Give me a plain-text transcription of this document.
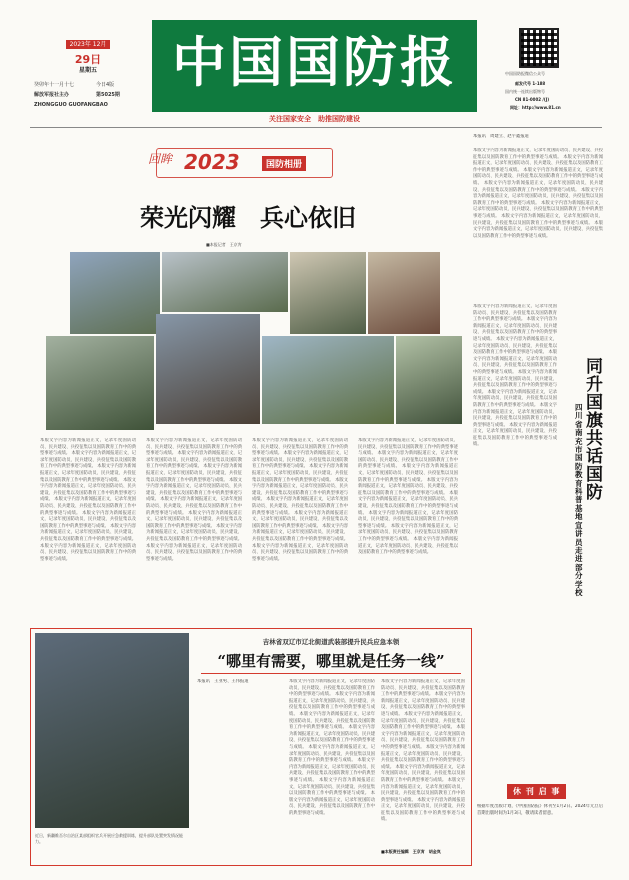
2023年 12月
29日
星期五
癸卯年十一月十七	今日4版
解放军报社主办	第5025期
ZHONGGUO GUOFANGBAO
中国国防报
关注国家安全　助推国防建设
中国国防报微信公众号
邮发代号 1-188
国内统一连续出版物号
CN 81-0002 /(J)
网址：http://www.81.cn
回眸 2023	国防相册
荣光闪耀　兵心依旧
■本报记者　王京宵
本版文字内容为新闻报道正文，记录年度国防动员、民兵建设、兵役征集以及国防教育工作中的典型事迹与成绩。 本版文字内容为新闻报道正文，记录年度国防动员、民兵建设、兵役征集以及国防教育工作中的典型事迹与成绩。 本版文字内容为新闻报道正文，记录年度国防动员、民兵建设、兵役征集以及国防教育工作中的典型事迹与成绩。 本版文字内容为新闻报道正文，记录年度国防动员、民兵建设、兵役征集以及国防教育工作中的典型事迹与成绩。 本版文字内容为新闻报道正文，记录年度国防动员、民兵建设、兵役征集以及国防教育工作中的典型事迹与成绩。 本版文字内容为新闻报道正文，记录年度国防动员、民兵建设、兵役征集以及国防教育工作中的典型事迹与成绩。 本版文字内容为新闻报道正文，记录年度国防动员、民兵建设、兵役征集以及国防教育工作中的典型事迹与成绩。 本版文字内容为新闻报道正文，记录年度国防动员、民兵建设、兵役征集以及国防教育工作中的典型事迹与成绩。
本版文字内容为新闻报道正文，记录年度国防动员、民兵建设、兵役征集以及国防教育工作中的典型事迹与成绩。 本版文字内容为新闻报道正文，记录年度国防动员、民兵建设、兵役征集以及国防教育工作中的典型事迹与成绩。 本版文字内容为新闻报道正文，记录年度国防动员、民兵建设、兵役征集以及国防教育工作中的典型事迹与成绩。 本版文字内容为新闻报道正文，记录年度国防动员、民兵建设、兵役征集以及国防教育工作中的典型事迹与成绩。 本版文字内容为新闻报道正文，记录年度国防动员、民兵建设、兵役征集以及国防教育工作中的典型事迹与成绩。 本版文字内容为新闻报道正文，记录年度国防动员、民兵建设、兵役征集以及国防教育工作中的典型事迹与成绩。 本版文字内容为新闻报道正文，记录年度国防动员、民兵建设、兵役征集以及国防教育工作中的典型事迹与成绩。 本版文字内容为新闻报道正文，记录年度国防动员、民兵建设、兵役征集以及国防教育工作中的典型事迹与成绩。
本版文字内容为新闻报道正文，记录年度国防动员、民兵建设、兵役征集以及国防教育工作中的典型事迹与成绩。 本版文字内容为新闻报道正文，记录年度国防动员、民兵建设、兵役征集以及国防教育工作中的典型事迹与成绩。 本版文字内容为新闻报道正文，记录年度国防动员、民兵建设、兵役征集以及国防教育工作中的典型事迹与成绩。 本版文字内容为新闻报道正文，记录年度国防动员、民兵建设、兵役征集以及国防教育工作中的典型事迹与成绩。 本版文字内容为新闻报道正文，记录年度国防动员、民兵建设、兵役征集以及国防教育工作中的典型事迹与成绩。 本版文字内容为新闻报道正文，记录年度国防动员、民兵建设、兵役征集以及国防教育工作中的典型事迹与成绩。 本版文字内容为新闻报道正文，记录年度国防动员、民兵建设、兵役征集以及国防教育工作中的典型事迹与成绩。 本版文字内容为新闻报道正文，记录年度国防动员、民兵建设、兵役征集以及国防教育工作中的典型事迹与成绩。
本版文字内容为新闻报道正文，记录年度国防动员、民兵建设、兵役征集以及国防教育工作中的典型事迹与成绩。 本版文字内容为新闻报道正文，记录年度国防动员、民兵建设、兵役征集以及国防教育工作中的典型事迹与成绩。 本版文字内容为新闻报道正文，记录年度国防动员、民兵建设、兵役征集以及国防教育工作中的典型事迹与成绩。 本版文字内容为新闻报道正文，记录年度国防动员、民兵建设、兵役征集以及国防教育工作中的典型事迹与成绩。 本版文字内容为新闻报道正文，记录年度国防动员、民兵建设、兵役征集以及国防教育工作中的典型事迹与成绩。 本版文字内容为新闻报道正文，记录年度国防动员、民兵建设、兵役征集以及国防教育工作中的典型事迹与成绩。 本版文字内容为新闻报道正文，记录年度国防动员、民兵建设、兵役征集以及国防教育工作中的典型事迹与成绩。 本版文字内容为新闻报道正文，记录年度国防动员、民兵建设、兵役征集以及国防教育工作中的典型事迹与成绩。
本报讯　周建立、赵宇鑫报道
本版文字内容为新闻报道正文，记录年度国防动员、民兵建设、兵役征集以及国防教育工作中的典型事迹与成绩。 本版文字内容为新闻报道正文，记录年度国防动员、民兵建设、兵役征集以及国防教育工作中的典型事迹与成绩。 本版文字内容为新闻报道正文，记录年度国防动员、民兵建设、兵役征集以及国防教育工作中的典型事迹与成绩。 本版文字内容为新闻报道正文，记录年度国防动员、民兵建设、兵役征集以及国防教育工作中的典型事迹与成绩。 本版文字内容为新闻报道正文，记录年度国防动员、民兵建设、兵役征集以及国防教育工作中的典型事迹与成绩。 本版文字内容为新闻报道正文，记录年度国防动员、民兵建设、兵役征集以及国防教育工作中的典型事迹与成绩。 本版文字内容为新闻报道正文，记录年度国防动员、民兵建设、兵役征集以及国防教育工作中的典型事迹与成绩。 本版文字内容为新闻报道正文，记录年度国防动员、民兵建设、兵役征集以及国防教育工作中的典型事迹与成绩。
本版文字内容为新闻报道正文，记录年度国防动员、民兵建设、兵役征集以及国防教育工作中的典型事迹与成绩。 本版文字内容为新闻报道正文，记录年度国防动员、民兵建设、兵役征集以及国防教育工作中的典型事迹与成绩。 本版文字内容为新闻报道正文，记录年度国防动员、民兵建设、兵役征集以及国防教育工作中的典型事迹与成绩。 本版文字内容为新闻报道正文，记录年度国防动员、民兵建设、兵役征集以及国防教育工作中的典型事迹与成绩。 本版文字内容为新闻报道正文，记录年度国防动员、民兵建设、兵役征集以及国防教育工作中的典型事迹与成绩。 本版文字内容为新闻报道正文，记录年度国防动员、民兵建设、兵役征集以及国防教育工作中的典型事迹与成绩。 本版文字内容为新闻报道正文，记录年度国防动员、民兵建设、兵役征集以及国防教育工作中的典型事迹与成绩。 本版文字内容为新闻报道正文，记录年度国防动员、民兵建设、兵役征集以及国防教育工作中的典型事迹与成绩。
四川省南充市国防教育科普基地宣讲员走进部分学校
同升国旗　共话国防
近日，新疆维吾尔自治区某部组织官兵开展应急救援训练，提升部队处置突发情况能力。
吉林省双辽市辽北街道武装部提升民兵应急本领
“哪里有需要，哪里就是任务一线”
本报讯　王亚男、王伟报道	本版文字内容为新闻报道正文，记录年度国防动员、民兵建设、兵役征集以及国防教育工作中的典型事迹与成绩。 本版文字内容为新闻报道正文，记录年度国防动员、民兵建设、兵役征集以及国防教育工作中的典型事迹与成绩。 本版文字内容为新闻报道正文，记录年度国防动员、民兵建设、兵役征集以及国防教育工作中的典型事迹与成绩。 本版文字内容为新闻报道正文，记录年度国防动员、民兵建设、兵役征集以及国防教育工作中的典型事迹与成绩。 本版文字内容为新闻报道正文，记录年度国防动员、民兵建设、兵役征集以及国防教育工作中的典型事迹与成绩。 本版文字内容为新闻报道正文，记录年度国防动员、民兵建设、兵役征集以及国防教育工作中的典型事迹与成绩。 本版文字内容为新闻报道正文，记录年度国防动员、民兵建设、兵役征集以及国防教育工作中的典型事迹与成绩。 本版文字内容为新闻报道正文，记录年度国防动员、民兵建设、兵役征集以及国防教育工作中的典型事迹与成绩。
本版文字内容为新闻报道正文，记录年度国防动员、民兵建设、兵役征集以及国防教育工作中的典型事迹与成绩。 本版文字内容为新闻报道正文，记录年度国防动员、民兵建设、兵役征集以及国防教育工作中的典型事迹与成绩。 本版文字内容为新闻报道正文，记录年度国防动员、民兵建设、兵役征集以及国防教育工作中的典型事迹与成绩。 本版文字内容为新闻报道正文，记录年度国防动员、民兵建设、兵役征集以及国防教育工作中的典型事迹与成绩。 本版文字内容为新闻报道正文，记录年度国防动员、民兵建设、兵役征集以及国防教育工作中的典型事迹与成绩。 本版文字内容为新闻报道正文，记录年度国防动员、民兵建设、兵役征集以及国防教育工作中的典型事迹与成绩。 本版文字内容为新闻报道正文，记录年度国防动员、民兵建设、兵役征集以及国防教育工作中的典型事迹与成绩。 本版文字内容为新闻报道正文，记录年度国防动员、民兵建设、兵役征集以及国防教育工作中的典型事迹与成绩。
■本版责任编辑　王京宵　胡金岚
休 刊 启 事
根据年度出版计划，《中国国防报》休刊至1月2日。2024年元旦后首期出版时间为1月3日，敬请读者留意。
